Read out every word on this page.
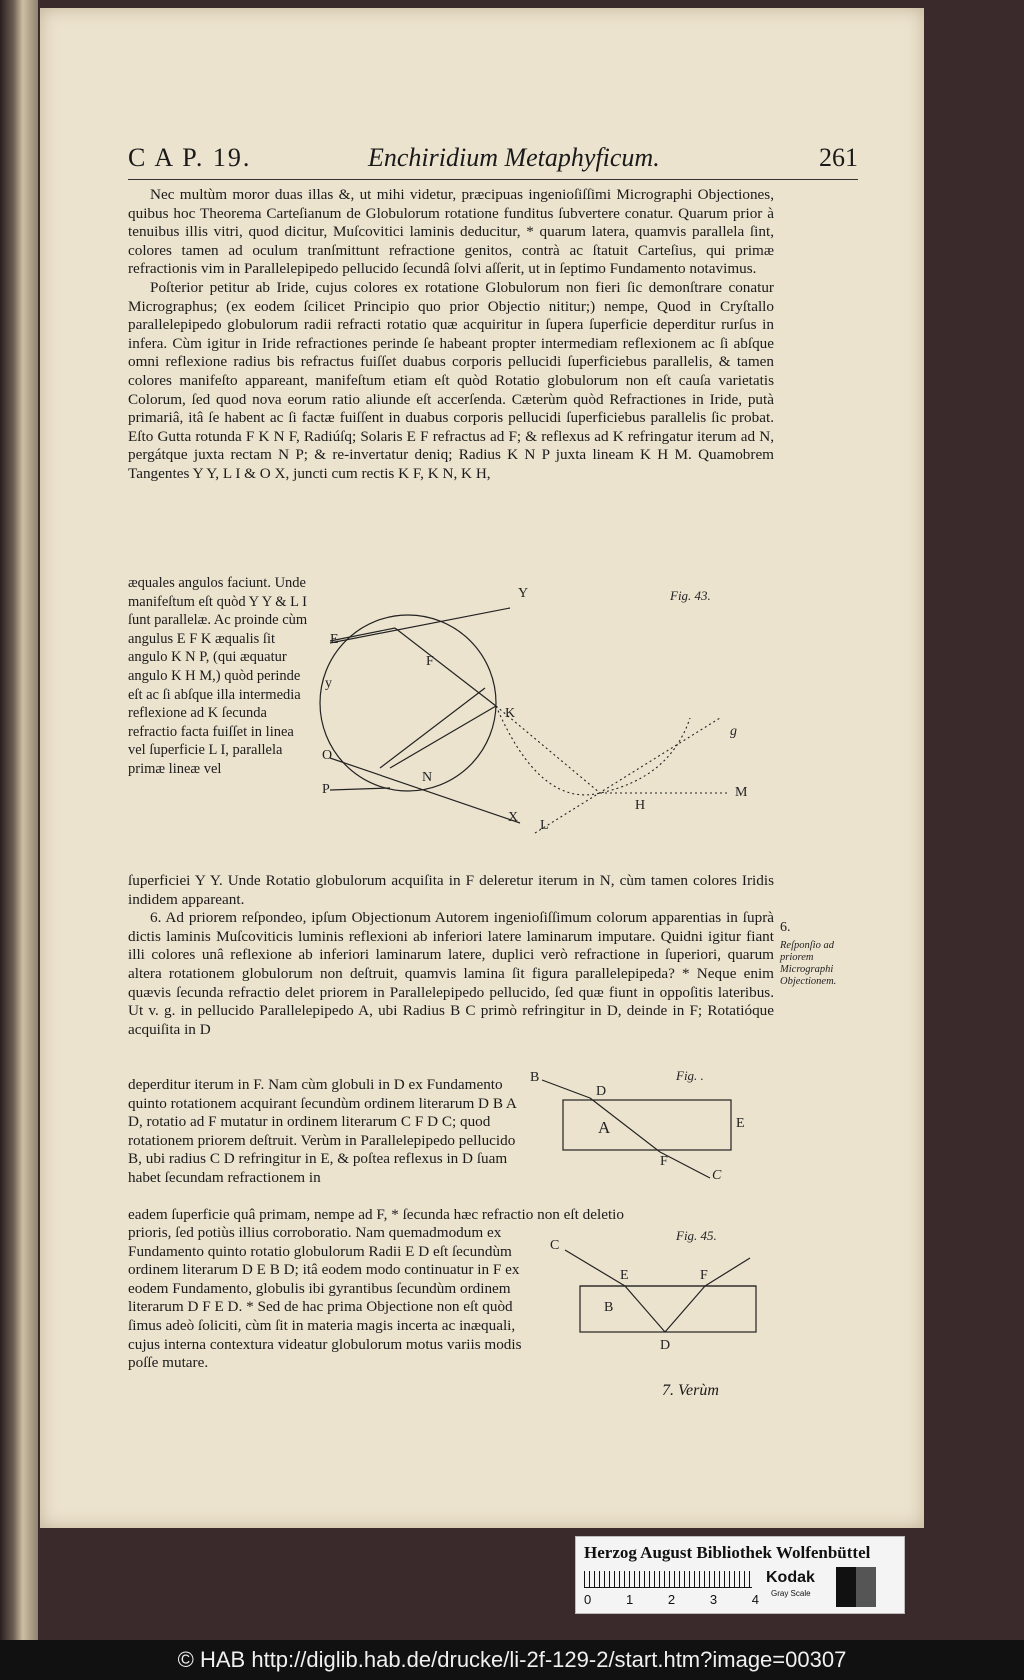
C A P. 19.	Enchiridium Metaphyficum.	261

Nec multùm moror duas illas &, ut mihi videtur, præcipuas ingenioſiſſimi Micrographi Objectiones, quibus hoc Theorema Carteſianum de Globulorum rotatione funditus ſubvertere conatur. Quarum prior à tenuibus illis vitri, quod dicitur, Muſcovitici laminis deducitur, * quarum latera, quamvis parallela ſint, colores tamen ad oculum tranſmittunt refractione genitos, contrà ac ſtatuit Carteſius, qui primæ refractionis vim in Parallelepipedo pellucido ſecundâ ſolvi aſſerit, ut in ſeptimo Fundamento notavimus.

Poſterior petitur ab Iride, cujus colores ex rotatione Globulorum non fieri ſic demonſtrare conatur Micrographus; (ex eodem ſcilicet Principio quo prior Objectio nititur;) nempe, Quod in Cryſtallo parallelepipedo globulorum radii refracti rotatio quæ acquiritur in ſupera ſuperficie deperditur rurſus in infera. Cùm igitur in Iride refractiones perinde ſe habeant propter intermediam reflexionem ac ſi abſque omni reflexione radius bis refractus fuiſſet duabus corporis pellucidi ſuperficiebus parallelis, & tamen colores manifeſto appareant, manifeſtum etiam eſt quòd Rotatio globulorum non eſt cauſa varietatis Colorum, ſed quod nova eorum ratio aliunde eſt accerſenda. Cæterùm quòd Refractiones in Iride, putà primariâ, itâ ſe habent ac ſi factæ fuiſſent in duabus corporis pellucidi ſuperficiebus parallelis ſic probat. Eſto Gutta rotunda F K N F, Radiúſq; Solaris E F refractus ad F; & reflexus ad K refringatur iterum ad N, pergátque juxta rectam N P; & re-invertatur deniq; Radius K N P juxta lineam K H M. Quamobrem Tangentes Y Y, L I & O X, juncti cum rectis K F, K N, K H,

æquales angulos faciunt. Unde manifeſtum eſt quòd Y Y & L I ſunt parallelæ. Ac proinde cùm angulus E F K æqualis ſit angulo K N P, (qui æquatur angulo K H M,) quòd perinde eſt ac ſi abſque illa intermedia reflexione ad K ſecunda refractio facta fuiſſet in linea vel ſuperficie L I, parallela primæ lineæ vel

Fig. 43.
Y
E
F
y
K
g
O
N
P
H
M
X
L

ſuperficiei Y Y. Unde Rotatio globulorum acquiſita in F deleretur iterum in N, cùm tamen colores Iridis indidem appareant.

6. Ad priorem reſpondeo, ipſum Objectionum Autorem ingenioſiſſimum colorum apparentias in ſuprà dictis laminis Muſcoviticis luminis reflexioni ab inferiori latere laminarum imputare. Quidni igitur fiant illi colores unâ reflexione ab inferiori laminarum latere, duplici verò refractione in ſuperiori, quarum altera rotationem globulorum non deſtruit, quamvis lamina ſit figura parallelepipeda? * Neque enim quævis ſecunda refractio delet priorem in Parallelepipedo pellucido, ſed quæ fiunt in oppoſitis lateribus. Ut v. g. in pellucido Parallelepipedo A, ubi Radius B C primò refringitur in D, deinde in F; Rotatióque acquiſita in D

6.
Reſponſio ad priorem Micrographi Objectionem.

deperditur iterum in F. Nam cùm globuli in D ex Fundamento quinto rotationem acquirant ſecundùm ordinem literarum D B A D, rotatio ad F mutatur in ordinem literarum C F D C; quod rotationem priorem deſtruit. Verùm in Parallelepipedo pellucido B, ubi radius C D refringitur in E, & poſtea reflexus in D ſuam habet ſecundam refractionem in

Fig. .
B
D
A	E
F
C

eadem ſuperficie quâ primam, nempe ad F, * ſecunda hæc refractio non eſt deletio

prioris, ſed potiùs illius corroboratio. Nam quemadmodum ex Fundamento quinto rotatio globulorum Radii E D eſt ſecundùm ordinem literarum D E B D; itâ eodem modo continuatur in F ex eodem Fundamento, globulis ibi gyrantibus ſecundùm ordinem literarum D F E D. * Sed de hac prima Objectione non eſt quòd ſimus adeò ſoliciti, cùm ſit in materia magis incerta ac inæquali, cujus interna contextura videatur globulorum motus variis modis poſſe mutare.

Fig. 45.
C
E	F
B
D
7. Verùm
Herzog August Bibliothek Wolfenbüttel
0	1	2	3	4
Kodak
Gray Scale
© HAB http://diglib.hab.de/drucke/li-2f-129-2/start.htm?image=00307
